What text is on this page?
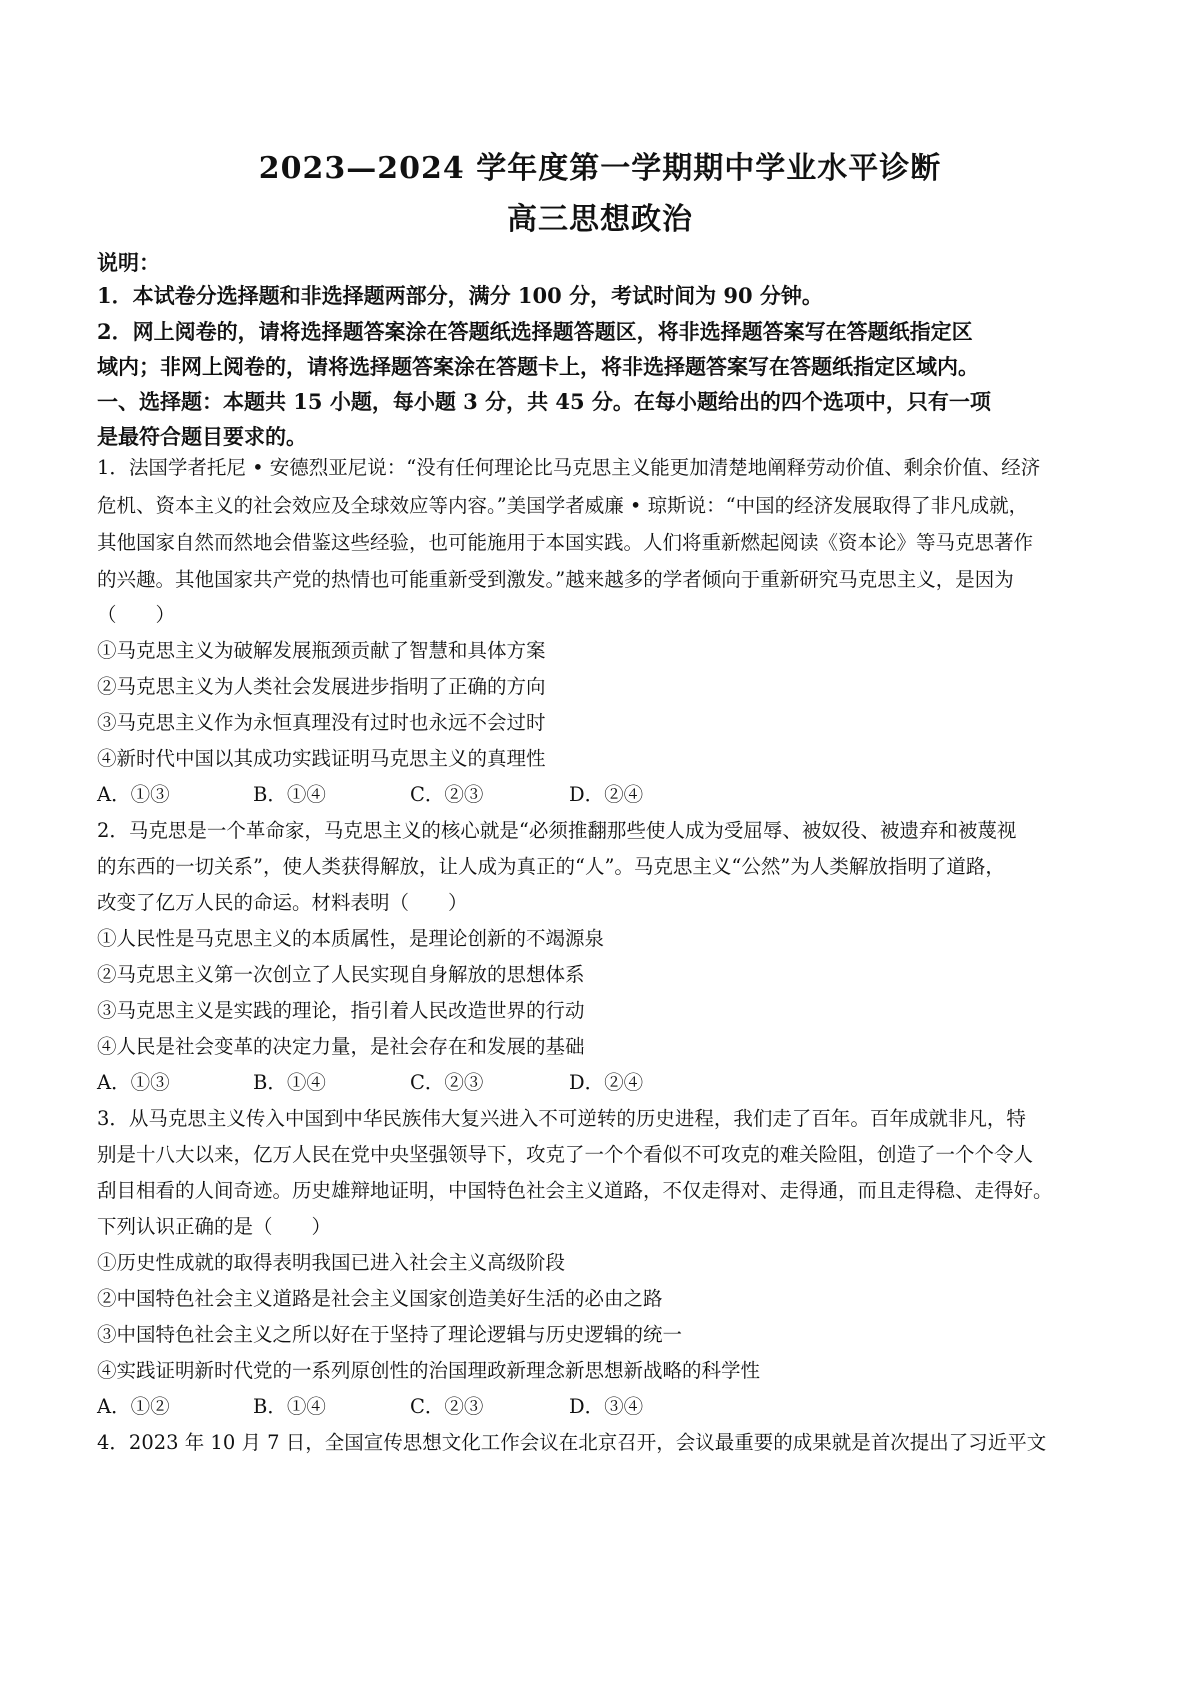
2023—2024 学年度第一学期期中学业水平诊断
高三思想政治
说明：
1．本试卷分选择题和非选择题两部分，满分 100 分，考试时间为 90 分钟。
2．网上阅卷的，请将选择题答案涂在答题纸选择题答题区，将非选择题答案写在答题纸指定区
域内；非网上阅卷的，请将选择题答案涂在答题卡上，将非选择题答案写在答题纸指定区域内。
一、选择题：本题共 15 小题，每小题 3 分，共 45 分。在每小题给出的四个选项中，只有一项
是最符合题目要求的。
1．法国学者托尼 • 安德烈亚尼说：“没有任何理论比马克思主义能更加清楚地阐释劳动价值、剩余价值、经济
危机、资本主义的社会效应及全球效应等内容。”美国学者威廉 • 琼斯说：“中国的经济发展取得了非凡成就，
其他国家自然而然地会借鉴这些经验，也可能施用于本国实践。人们将重新燃起阅读《资本论》等马克思著作
的兴趣。其他国家共产党的热情也可能重新受到激发。”越来越多的学者倾向于重新研究马克思主义，是因为
（　　）
①马克思主义为破解发展瓶颈贡献了智慧和具体方案
②马克思主义为人类社会发展进步指明了正确的方向
③马克思主义作为永恒真理没有过时也永远不会过时
④新时代中国以其成功实践证明马克思主义的真理性
A．①③	B．①④	C．②③	D．②④
2．马克思是一个革命家，马克思主义的核心就是“必须推翻那些使人成为受屈辱、被奴役、被遗弃和被蔑视
的东西的一切关系”，使人类获得解放，让人成为真正的“人”。马克思主义“公然”为人类解放指明了道路，
改变了亿万人民的命运。材料表明（　　）
①人民性是马克思主义的本质属性，是理论创新的不竭源泉
②马克思主义第一次创立了人民实现自身解放的思想体系
③马克思主义是实践的理论，指引着人民改造世界的行动
④人民是社会变革的决定力量，是社会存在和发展的基础
A．①③	B．①④	C．②③	D．②④
3．从马克思主义传入中国到中华民族伟大复兴进入不可逆转的历史进程，我们走了百年。百年成就非凡，特
别是十八大以来，亿万人民在党中央坚强领导下，攻克了一个个看似不可攻克的难关险阻，创造了一个个令人
刮目相看的人间奇迹。历史雄辩地证明，中国特色社会主义道路，不仅走得对、走得通，而且走得稳、走得好。
下列认识正确的是（　　）
①历史性成就的取得表明我国已进入社会主义高级阶段
②中国特色社会主义道路是社会主义国家创造美好生活的必由之路
③中国特色社会主义之所以好在于坚持了理论逻辑与历史逻辑的统一
④实践证明新时代党的一系列原创性的治国理政新理念新思想新战略的科学性
A．①②	B．①④	C．②③	D．③④
4．2023 年 10 月 7 日，全国宣传思想文化工作会议在北京召开，会议最重要的成果就是首次提出了习近平文
